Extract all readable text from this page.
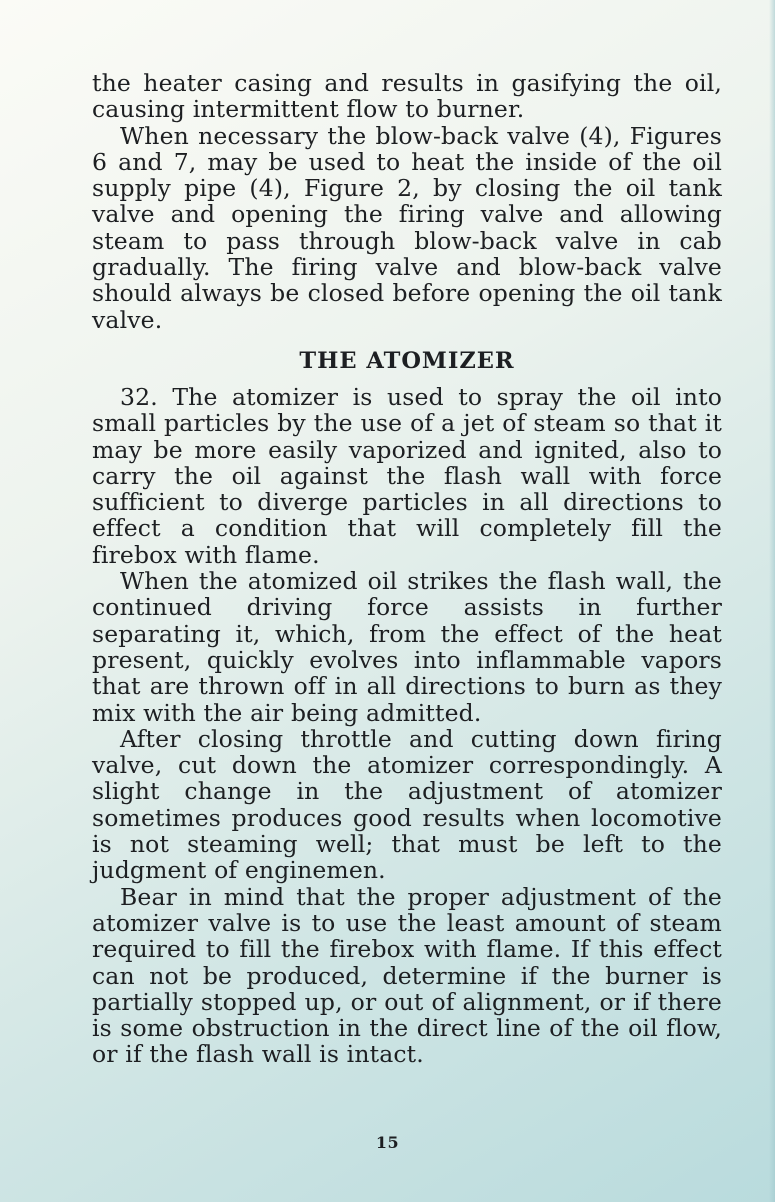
the heater casing and results in gasifying the oil, causing intermittent flow to burner.

When necessary the blow-back valve (4), Figures 6 and 7, may be used to heat the inside of the oil supply pipe (4), Figure 2, by closing the oil tank valve and opening the firing valve and allowing steam to pass through blow-back valve in cab gradually. The firing valve and blow-back valve should always be closed before opening the oil tank valve.

THE ATOMIZER

32. The atomizer is used to spray the oil into small particles by the use of a jet of steam so that it may be more easily vaporized and ignited, also to carry the oil against the flash wall with force sufficient to diverge particles in all directions to effect a condition that will completely fill the firebox with flame.

When the atomized oil strikes the flash wall, the continued driving force assists in further separating it, which, from the effect of the heat present, quickly evolves into inflammable vapors that are thrown off in all directions to burn as they mix with the air being admitted.

After closing throttle and cutting down firing valve, cut down the atomizer correspondingly. A slight change in the adjustment of atomizer sometimes produces good results when locomotive is not steaming well; that must be left to the judgment of enginemen.

Bear in mind that the proper adjustment of the atomizer valve is to use the least amount of steam required to fill the firebox with flame. If this effect can not be produced, determine if the burner is partially stopped up, or out of alignment, or if there is some obstruction in the direct line of the oil flow, or if the flash wall is intact.

15
